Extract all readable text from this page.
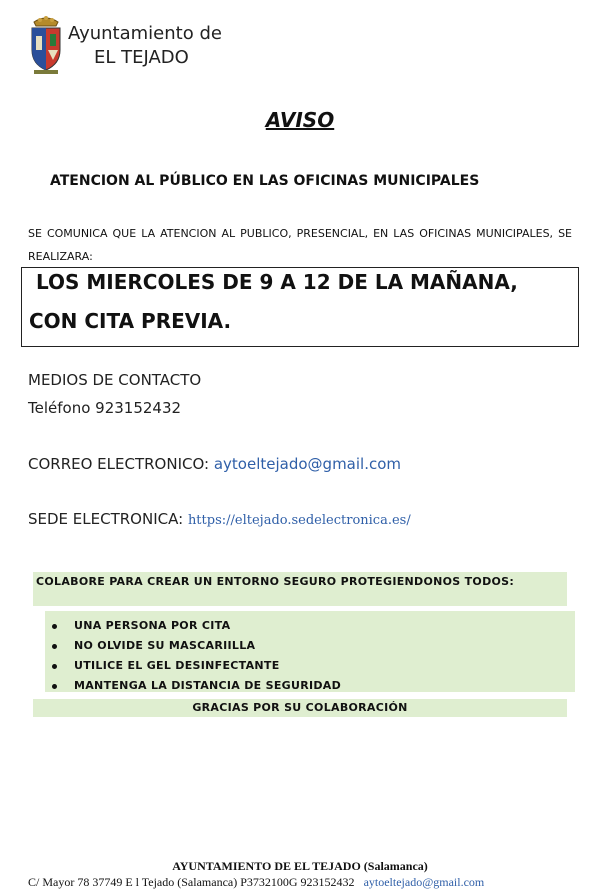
Ayuntamiento de
EL TEJADO
AVISO
ATENCION AL PÚBLICO EN LAS OFICINAS MUNICIPALES
SE COMUNICA QUE LA ATENCION AL PUBLICO, PRESENCIAL, EN LAS OFICINAS MUNICIPALES, SE REALIZARA:
LOS MIERCOLES DE 9 A 12 DE LA MAÑANA,
CON CITA PREVIA.
MEDIOS DE CONTACTO
Teléfono 923152432
CORREO ELECTRONICO: aytoeltejado@gmail.com
SEDE ELECTRONICA: https://eltejado.sedelectronica.es/
COLABORE PARA CREAR UN ENTORNO SEGURO PROTEGIENDONOS TODOS:
UNA PERSONA POR CITA
NO OLVIDE SU MASCARIILLA
UTILICE EL GEL DESINFECTANTE
MANTENGA LA DISTANCIA DE SEGURIDAD
GRACIAS POR SU COLABORACIÓN
AYUNTAMIENTO DE EL TEJADO (Salamanca)
C/ Mayor 78 37749 E l Tejado (Salamanca) P3732100G 923152432 aytoeltejado@gmail.com
